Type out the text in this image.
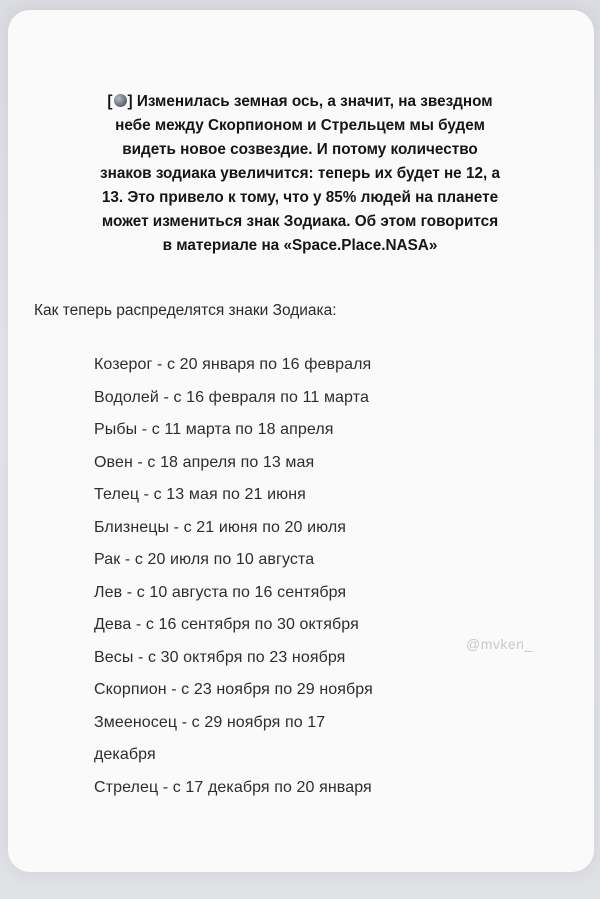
[ ] Изменилась земная ось, а значит, на звездном
небе между Скорпионом и Стрельцем мы будем
видеть новое созвездие. И потому количество
знаков зодиака увеличится: теперь их будет не 12, а
13. Это привело к тому, что у 85% людей на планете
может измениться знак Зодиака. Об этом говорится
в материале на «Space.Place.NASA»
Как теперь распределятся знаки Зодиака:
Козерог - с 20 января по 16 февраля
Водолей - с 16 февраля по 11 марта
Рыбы - с 11 марта по 18 апреля
Овен - с 18 апреля по 13 мая
Телец - с 13 мая по 21 июня
Близнецы - с 21 июня по 20 июля
Рак - с 20 июля по 10 августа
Лев - с 10 августа по 16 сентября
Дева - с 16 сентября по 30 октября
Весы - с 30 октября по 23 ноября
Скорпион - с 23 ноября по 29 ноября
Змееносец - с 29 ноября по 17
декабря
Стрелец - с 17 декабря по 20 января
@mvken_
